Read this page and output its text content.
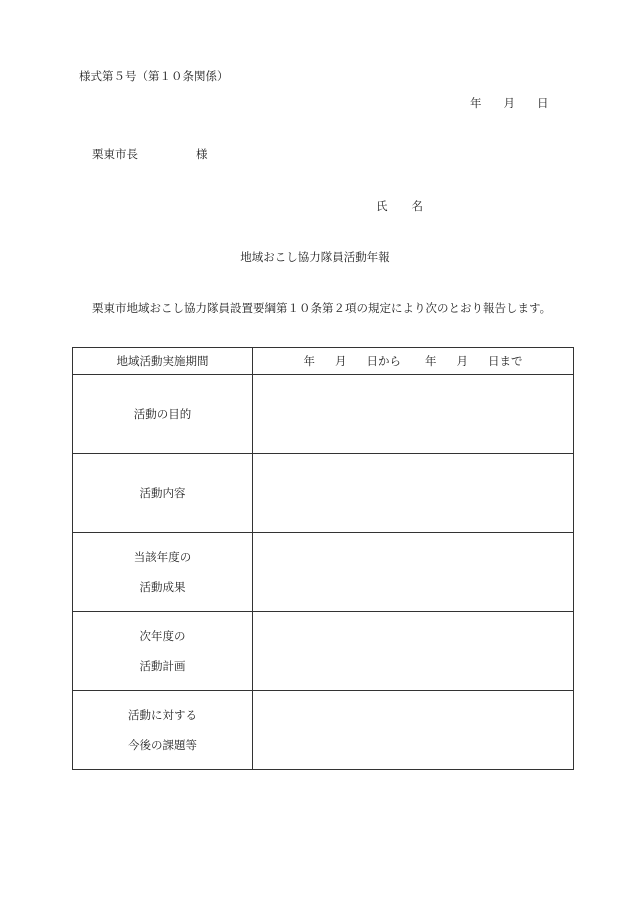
様式第５号（第１０条関係）
年 月 日
栗東市長	様
氏 名
地域おこし協力隊員活動年報
栗東市地域おこし協力隊員設置要綱第１０条第２項の規定により次のとおり報告します。
地域活動実施期間	年 月 日から 年 月 日まで
活動の目的	
活動内容	

当該年度の
活動成果	

次年度の
活動計画	

活動に対する
今後の課題等	
